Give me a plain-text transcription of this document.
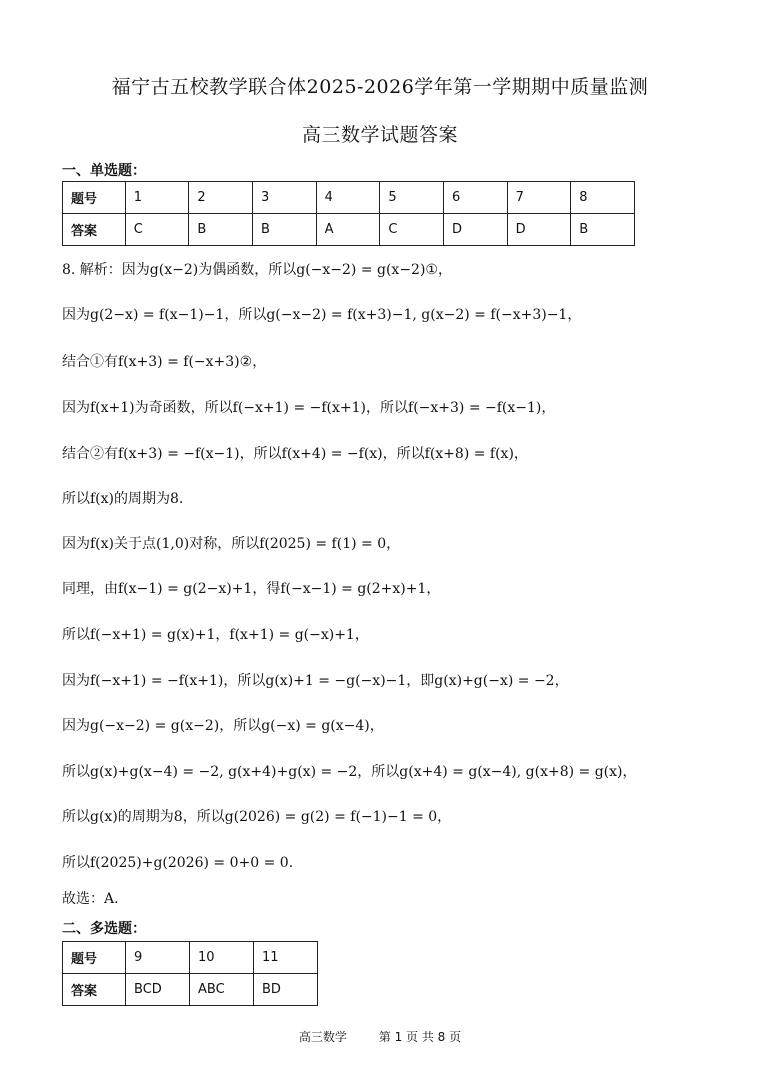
福宁古五校教学联合体2025-2026学年第一学期期中质量监测
高三数学试题答案
一、单选题：
题号	1	2	3	4	5	6	7	8
答案	C	B	B	A	C	D	D	B
8. 解析：因为g(x−2)为偶函数，所以g(−x−2) = g(x−2)①，
因为g(2−x) = f(x−1)−1，所以g(−x−2) = f(x+3)−1, g(x−2) = f(−x+3)−1，
结合①有f(x+3) = f(−x+3)②，
因为f(x+1)为奇函数，所以f(−x+1) = −f(x+1)，所以f(−x+3) = −f(x−1)，
结合②有f(x+3) = −f(x−1)，所以f(x+4) = −f(x)，所以f(x+8) = f(x)，
所以f(x)的周期为8.
因为f(x)关于点(1,0)对称，所以f(2025) = f(1) = 0，
同理，由f(x−1) = g(2−x)+1，得f(−x−1) = g(2+x)+1，
所以f(−x+1) = g(x)+1，f(x+1) = g(−x)+1，
因为f(−x+1) = −f(x+1)，所以g(x)+1 = −g(−x)−1，即g(x)+g(−x) = −2，
因为g(−x−2) = g(x−2)，所以g(−x) = g(x−4)，
所以g(x)+g(x−4) = −2, g(x+4)+g(x) = −2，所以g(x+4) = g(x−4), g(x+8) = g(x)，
所以g(x)的周期为8，所以g(2026) = g(2) = f(−1)−1 = 0，
所以f(2025)+g(2026) = 0+0 = 0.
故选：A.
二、多选题：
题号	9	10	11
答案	BCD	ABC	BD
高三数学	第 1 页 共 8 页
